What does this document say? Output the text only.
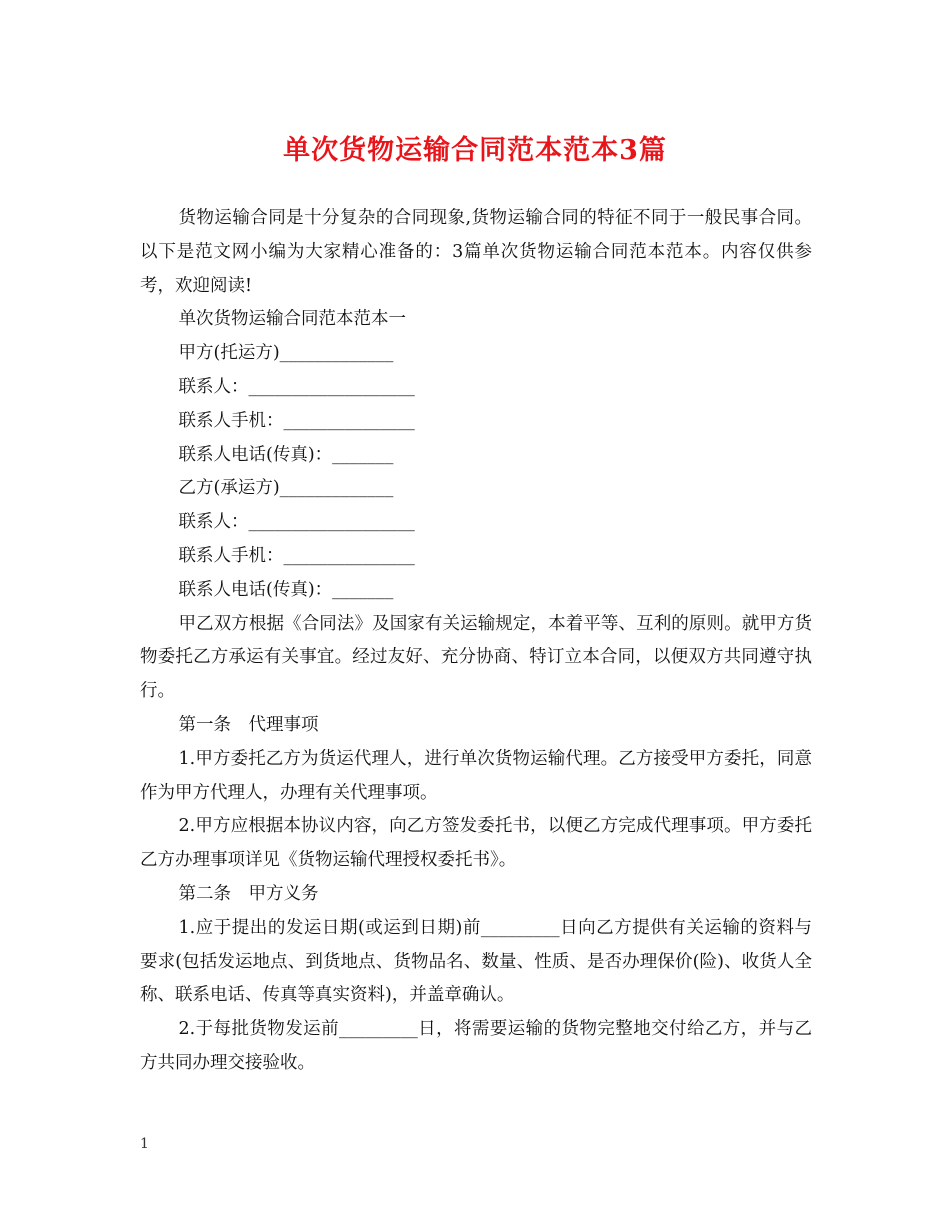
单次货物运输合同范本范本3篇

货物运输合同是十分复杂的合同现象,货物运输合同的特征不同于一般民事合同。以下是范文网小编为大家精心准备的：3篇单次货物运输合同范本范本。内容仅供参考，欢迎阅读!

单次货物运输合同范本范本一

甲方(托运方)_____________

联系人：___________________

联系人手机：_______________

联系人电话(传真)：_______

乙方(承运方)_____________

联系人：___________________

联系人手机：_______________

联系人电话(传真)：_______

甲乙双方根据《合同法》及国家有关运输规定，本着平等、互利的原则。就甲方货物委托乙方承运有关事宜。经过友好、充分协商、特订立本合同，以便双方共同遵守执行。

第一条　代理事项

1.甲方委托乙方为货运代理人，进行单次货物运输代理。乙方接受甲方委托，同意作为甲方代理人，办理有关代理事项。

2.甲方应根据本协议内容，向乙方签发委托书，以便乙方完成代理事项。甲方委托乙方办理事项详见《货物运输代理授权委托书》。

第二条　甲方义务

1.应于提出的发运日期(或运到日期)前_________日向乙方提供有关运输的资料与要求(包括发运地点、到货地点、货物品名、数量、性质、是否办理保价(险)、收货人全称、联系电话、传真等真实资料)，并盖章确认。

2.于每批货物发运前_________日，将需要运输的货物完整地交付给乙方，并与乙方共同办理交接验收。

1
